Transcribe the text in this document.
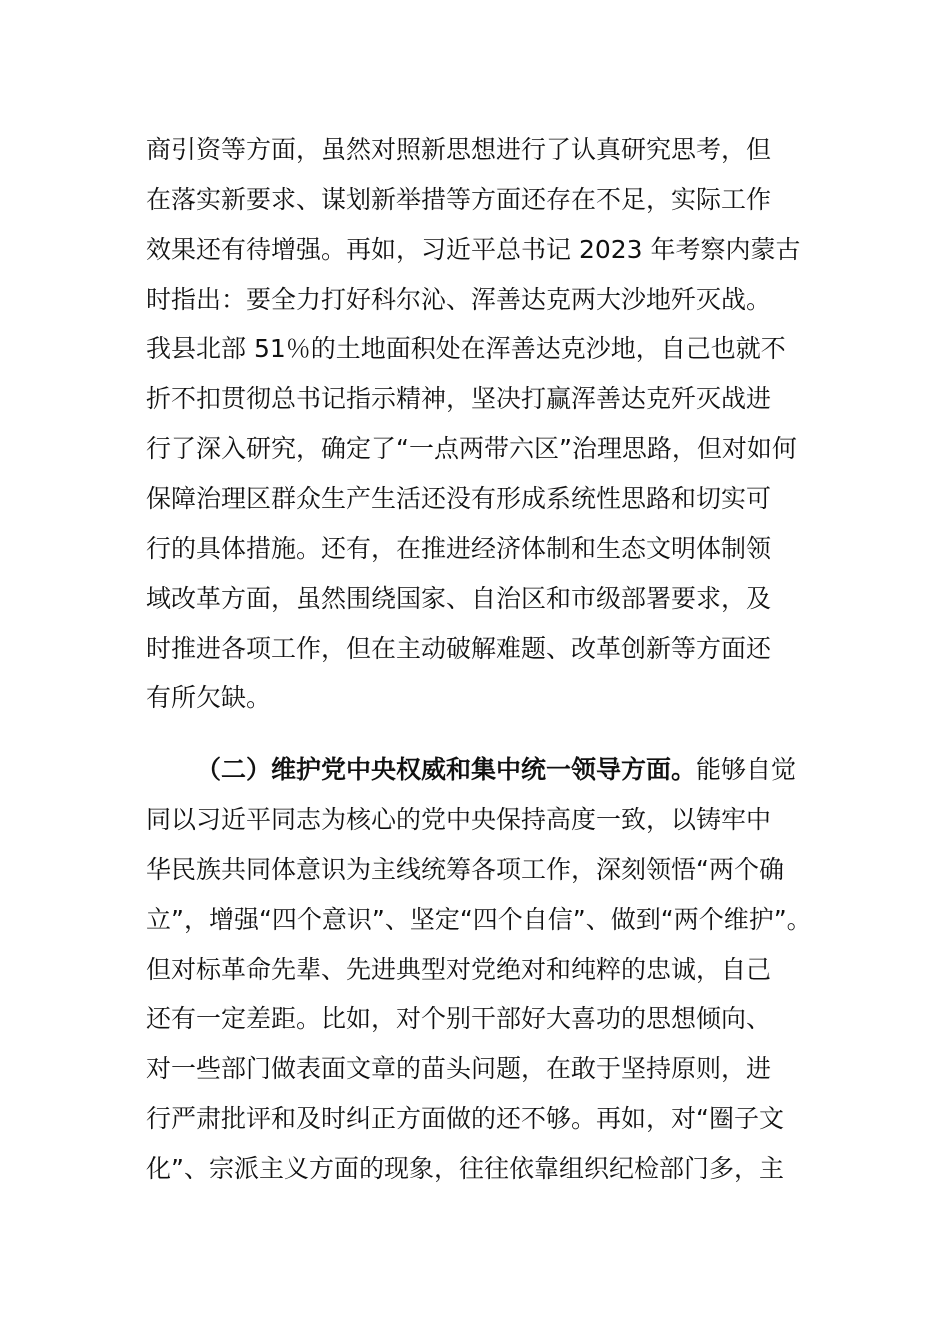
商引资等方面，虽然对照新思想进行了认真研究思考，但
在落实新要求、谋划新举措等方面还存在不足，实际工作
效果还有待增强。再如，习近平总书记 2023 年考察内蒙古
时指出：要全力打好科尔沁、浑善达克两大沙地歼灭战。
我县北部 51％的土地面积处在浑善达克沙地，自己也就不
折不扣贯彻总书记指示精神，坚决打赢浑善达克歼灭战进
行了深入研究，确定了“一点两带六区”治理思路，但对如何
保障治理区群众生产生活还没有形成系统性思路和切实可
行的具体措施。还有，在推进经济体制和生态文明体制领
域改革方面，虽然围绕国家、自治区和市级部署要求，及
时推进各项工作，但在主动破解难题、改革创新等方面还
有所欠缺。
（二）维护党中央权威和集中统一领导方面。能够自觉
同以习近平同志为核心的党中央保持高度一致，以铸牢中
华民族共同体意识为主线统筹各项工作，深刻领悟“两个确
立”，增强“四个意识”、坚定“四个自信”、做到“两个维护”。
但对标革命先辈、先进典型对党绝对和纯粹的忠诚，自己
还有一定差距。比如，对个别干部好大喜功的思想倾向、
对一些部门做表面文章的苗头问题，在敢于坚持原则，进
行严肃批评和及时纠正方面做的还不够。再如，对“圈子文
化”、宗派主义方面的现象，往往依靠组织纪检部门多，主
